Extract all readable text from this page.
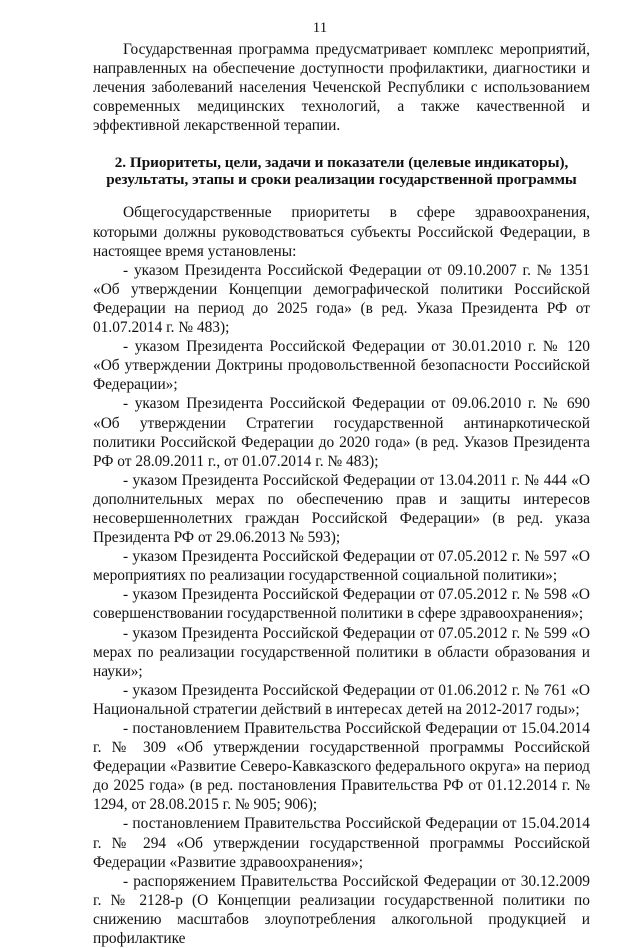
11

Государственная программа предусматривает комплекс мероприятий, направленных на обеспечение доступности профилактики, диагностики и лечения заболеваний населения Чеченской Республики с использованием современных медицинских технологий, а также качественной и эффективной лекарственной терапии.

2. Приоритеты, цели, задачи и показатели (целевые индикаторы),
результаты, этапы и сроки реализации государственной программы

Общегосударственные приоритеты в сфере здравоохранения, которыми должны руководствоваться субъекты Российской Федерации, в настоящее время установлены:

- указом Президента Российской Федерации от 09.10.2007 г. № 1351 «Об утверждении Концепции демографической политики Российской Федерации на период до 2025 года» (в ред. Указа Президента РФ от 01.07.2014 г. № 483);

- указом Президента Российской Федерации от 30.01.2010 г. № 120 «Об утверждении Доктрины продовольственной безопасности Российской Федерации»;

- указом Президента Российской Федерации от 09.06.2010 г. № 690 «Об утверждении Стратегии государственной антинаркотической политики Российской Федерации до 2020 года» (в ред. Указов Президента РФ от 28.09.2011 г., от 01.07.2014 г. № 483);

- указом Президента Российской Федерации от 13.04.2011 г. № 444 «О дополнительных мерах по обеспечению прав и защиты интересов несовершеннолетних граждан Российской Федерации» (в ред. указа Президента РФ от 29.06.2013 № 593);

- указом Президента Российской Федерации от 07.05.2012 г. № 597 «О мероприятиях по реализации государственной социальной политики»;

- указом Президента Российской Федерации от 07.05.2012 г. № 598 «О совершенствовании государственной политики в сфере здравоохранения»;

- указом Президента Российской Федерации от 07.05.2012 г. № 599 «О мерах по реализации государственной политики в области образования и науки»;

- указом Президента Российской Федерации от 01.06.2012 г. № 761 «О Национальной стратегии действий в интересах детей на 2012-2017 годы»;

- постановлением Правительства Российской Федерации от 15.04.2014 г. № 309 «Об утверждении государственной программы Российской Федерации «Развитие Северо-Кавказского федерального округа» на период до 2025 года» (в ред. постановления Правительства РФ от 01.12.2014 г. № 1294, от 28.08.2015 г. № 905; 906);

- постановлением Правительства Российской Федерации от 15.04.2014 г. № 294 «Об утверждении государственной программы Российской Федерации «Развитие здравоохранения»;

- распоряжением Правительства Российской Федерации от 30.12.2009 г. № 2128-р (О Концепции реализации государственной политики по снижению масштабов злоупотребления алкогольной продукцией и профилактике
